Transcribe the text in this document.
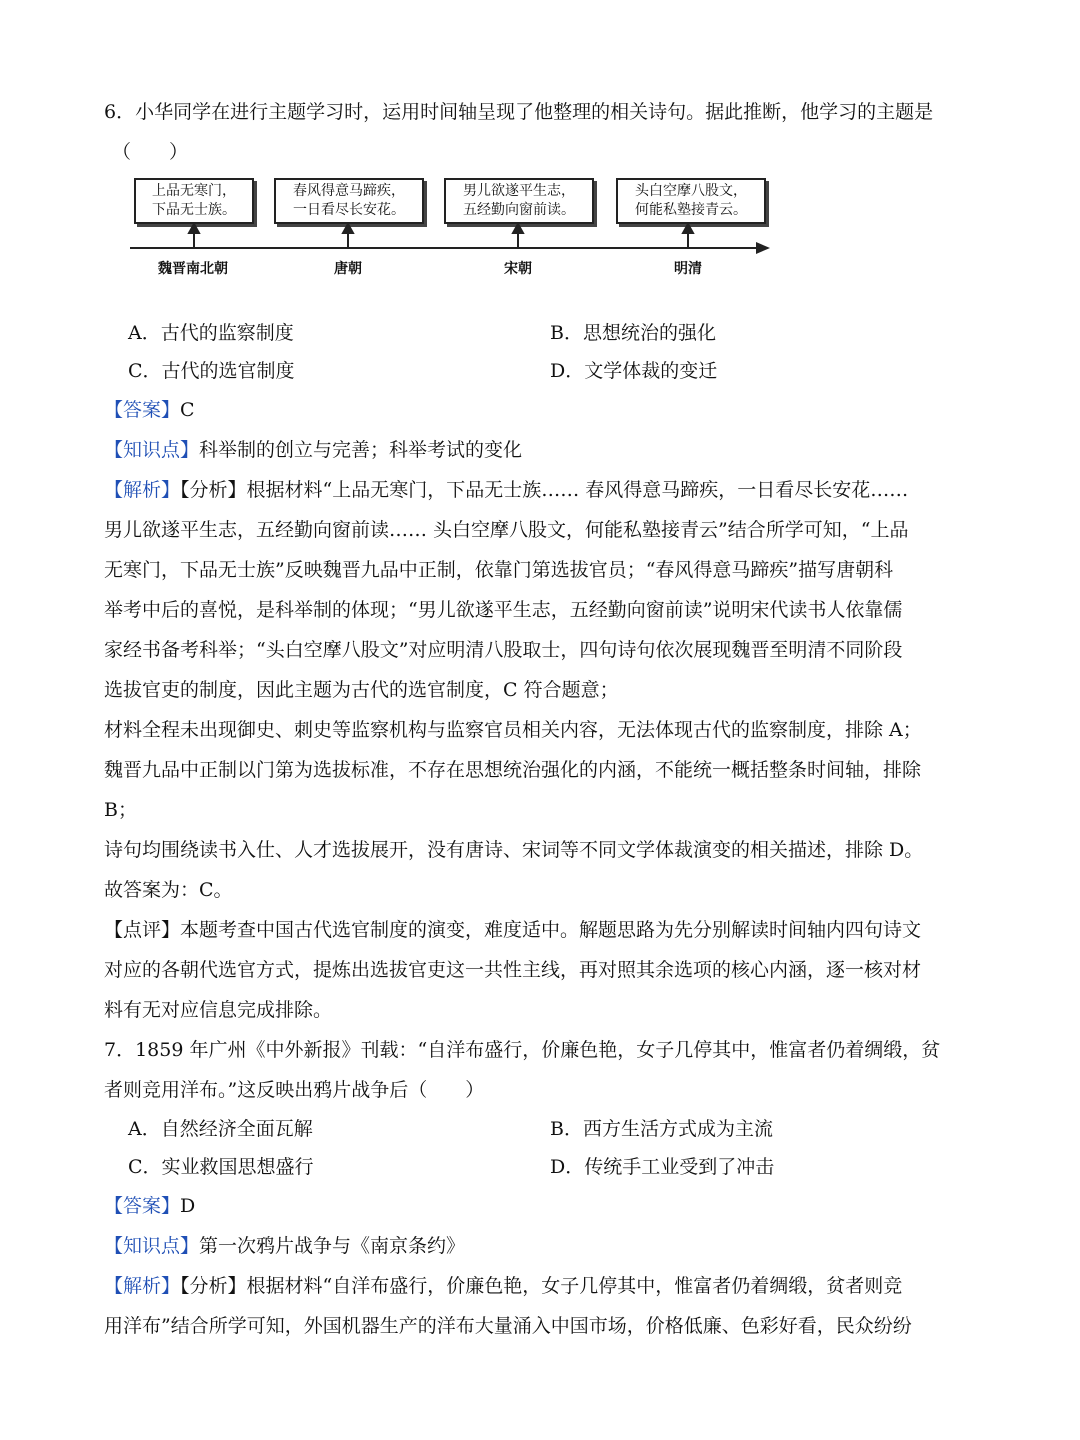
6．小华同学在进行主题学习时，运用时间轴呈现了他整理的相关诗句。据此推断，他学习的主题是
（　　）
上品无寒门，
下品无士族。
春风得意马蹄疾，
一日看尽长安花。
男儿欲遂平生志，
五经勤向窗前读。
头白空摩八股文，
何能私塾接青云。
魏晋南北朝	唐朝	宋朝	明清
A．古代的监察制度	B．思想统治的强化
C．古代的选官制度	D．文学体裁的变迁
【答案】C
【知识点】科举制的创立与完善；科举考试的变化
【解析】【分析】根据材料“上品无寒门，下品无士族…… 春风得意马蹄疾，一日看尽长安花……
男儿欲遂平生志，五经勤向窗前读…… 头白空摩八股文，何能私塾接青云”结合所学可知，“上品
无寒门，下品无士族”反映魏晋九品中正制，依靠门第选拔官员；“春风得意马蹄疾”描写唐朝科
举考中后的喜悦，是科举制的体现；“男儿欲遂平生志，五经勤向窗前读”说明宋代读书人依靠儒
家经书备考科举；“头白空摩八股文”对应明清八股取士，四句诗句依次展现魏晋至明清不同阶段
选拔官吏的制度，因此主题为古代的选官制度，C 符合题意；
材料全程未出现御史、刺史等监察机构与监察官员相关内容，无法体现古代的监察制度，排除 A；
魏晋九品中正制以门第为选拔标准，不存在思想统治强化的内涵，不能统一概括整条时间轴，排除
B；
诗句均围绕读书入仕、人才选拔展开，没有唐诗、宋词等不同文学体裁演变的相关描述，排除 D。
故答案为：C。
【点评】本题考查中国古代选官制度的演变，难度适中。解题思路为先分别解读时间轴内四句诗文
对应的各朝代选官方式，提炼出选拔官吏这一共性主线，再对照其余选项的核心内涵，逐一核对材
料有无对应信息完成排除。
7．1859 年广州《中外新报》刊载：“自洋布盛行，价廉色艳，女子几停其中，惟富者仍着绸缎，贫
者则竞用洋布。”这反映出鸦片战争后（　　）
A．自然经济全面瓦解	B．西方生活方式成为主流
C．实业救国思想盛行	D．传统手工业受到了冲击
【答案】D
【知识点】第一次鸦片战争与《南京条约》
【解析】【分析】根据材料“自洋布盛行，价廉色艳，女子几停其中，惟富者仍着绸缎，贫者则竞
用洋布”结合所学可知，外国机器生产的洋布大量涌入中国市场，价格低廉、色彩好看，民众纷纷
